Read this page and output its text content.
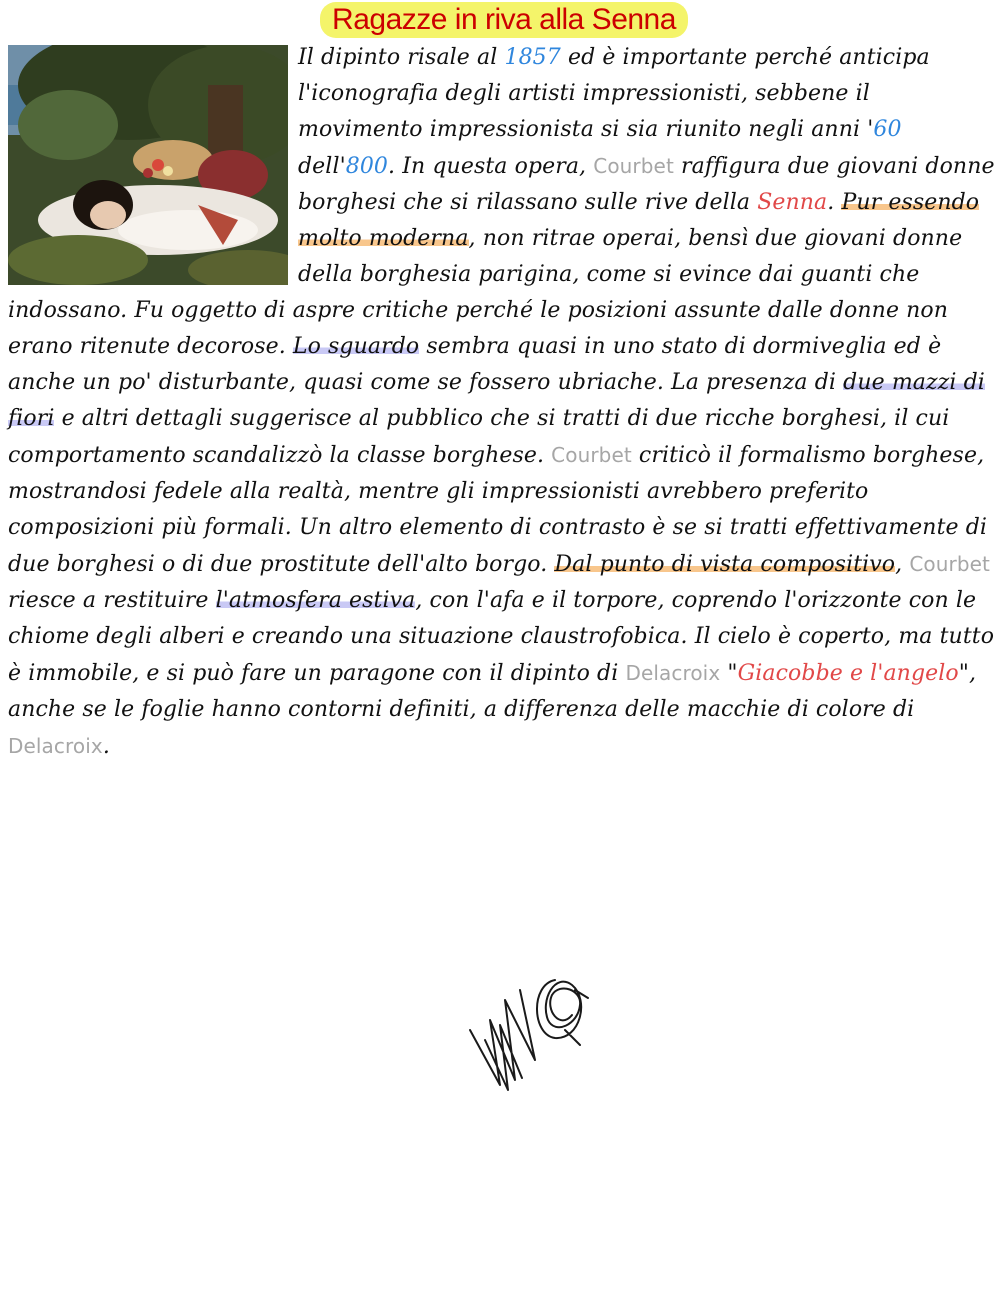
Ragazze in riva alla Senna
Il dipinto risale al 1857 ed è importante perché anticipa l'iconografia degli artisti impressionisti, sebbene il movimento impressionista si sia riunito negli anni '60 dell'800. In questa opera, Courbet raffigura due giovani donne borghesi che si rilassano sulle rive della Senna. Pur essendo molto moderna, non ritrae operai, bensì due giovani donne della borghesia parigina, come si evince dai guanti che indossano. Fu oggetto di aspre critiche perché le posizioni assunte dalle donne non erano ritenute decorose. Lo sguardo sembra quasi in uno stato di dormiveglia ed è anche un po' disturbante, quasi come se fossero ubriache. La presenza di due mazzi di fiori e altri dettagli suggerisce al pubblico che si tratti di due ricche borghesi, il cui comportamento scandalizzò la classe borghese. Courbet criticò il formalismo borghese, mostrandosi fedele alla realtà, mentre gli impressionisti avrebbero preferito composizioni più formali. Un altro elemento di contrasto è se si tratti effettivamente di due borghesi o di due prostitute dell'alto borgo. Dal punto di vista compositivo, Courbet riesce a restituire l'atmosfera estiva, con l'afa e il torpore, coprendo l'orizzonte con le chiome degli alberi e creando una situazione claustrofobica. Il cielo è coperto, ma tutto è immobile, e si può fare un paragone con il dipinto di Delacroix "Giacobbe e l'angelo", anche se le foglie hanno contorni definiti, a differenza delle macchie di colore di Delacroix.
